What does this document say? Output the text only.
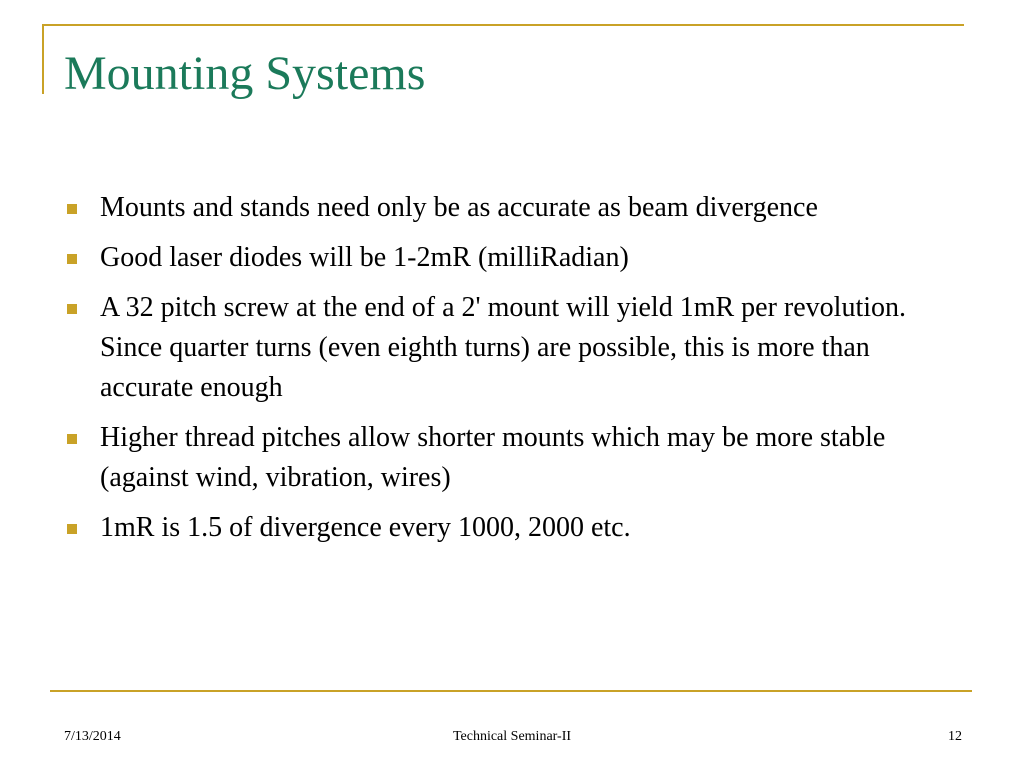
Mounting Systems
Mounts and stands need only be as accurate as beam divergence
Good laser diodes will be 1-2mR (milliRadian)
A 32 pitch screw at the end of a 2' mount will yield 1mR per revolution. Since quarter turns (even eighth turns) are possible, this is more than accurate enough
Higher thread pitches allow shorter mounts which may be more stable (against wind, vibration, wires)
1mR is 1.5 of divergence every 1000, 2000 etc.
Technical Seminar-II
7/13/2014	12
